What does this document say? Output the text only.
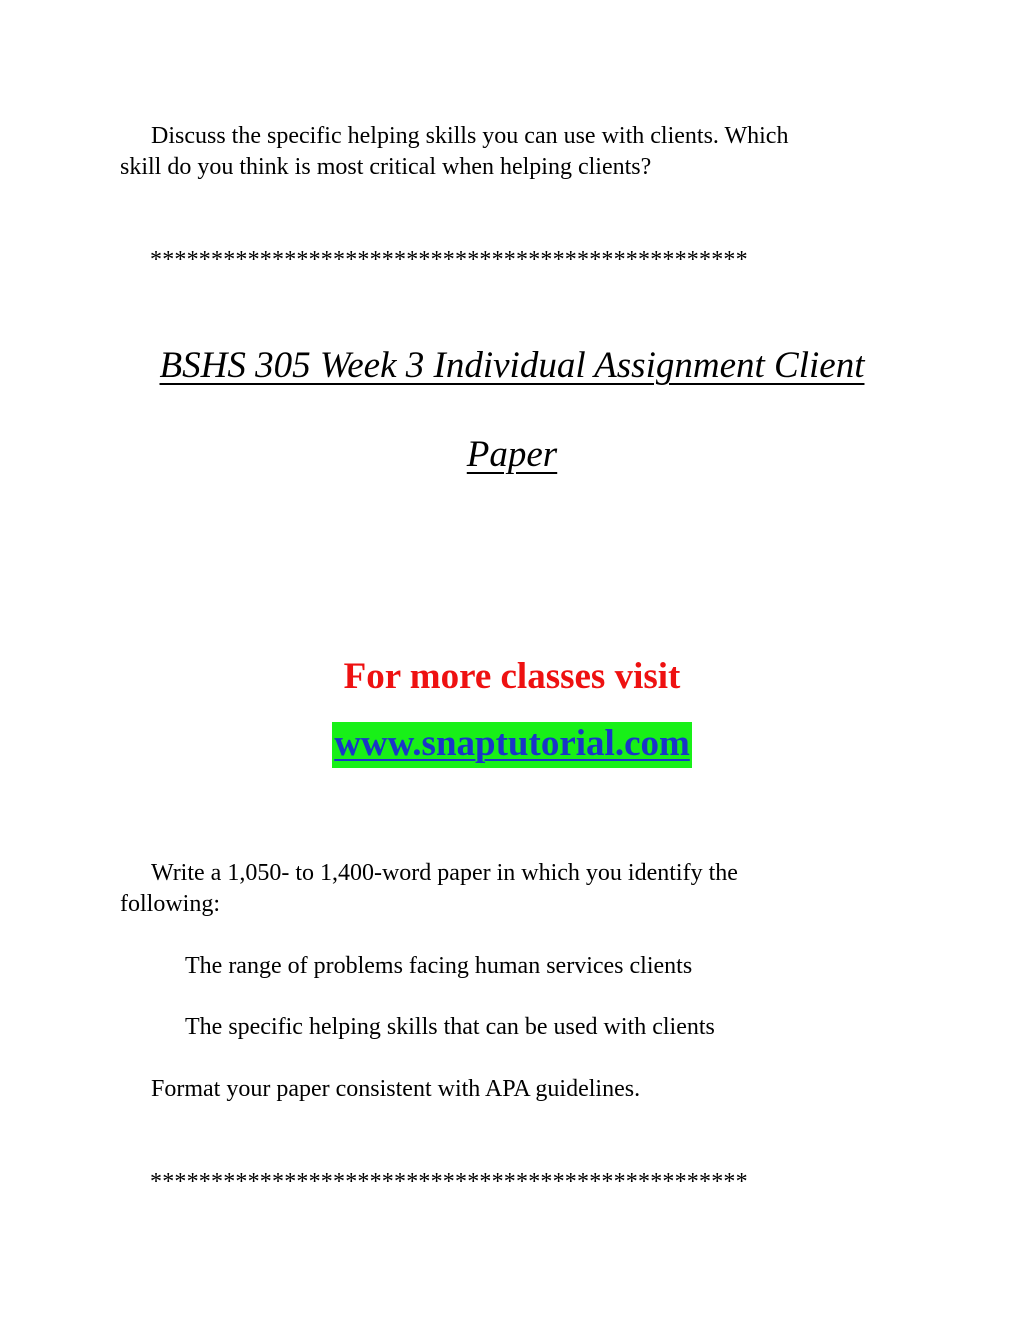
Discuss the specific helping skills you can use with clients. Which
skill do you think is most critical when helping clients?
*************************************************
BSHS 305 Week 3 Individual Assignment Client
Paper
For more classes visit
www.snaptutorial.com
Write a 1,050- to 1,400-word paper in which you identify the
following:
The range of problems facing human services clients
The specific helping skills that can be used with clients
Format your paper consistent with APA guidelines.
*************************************************
